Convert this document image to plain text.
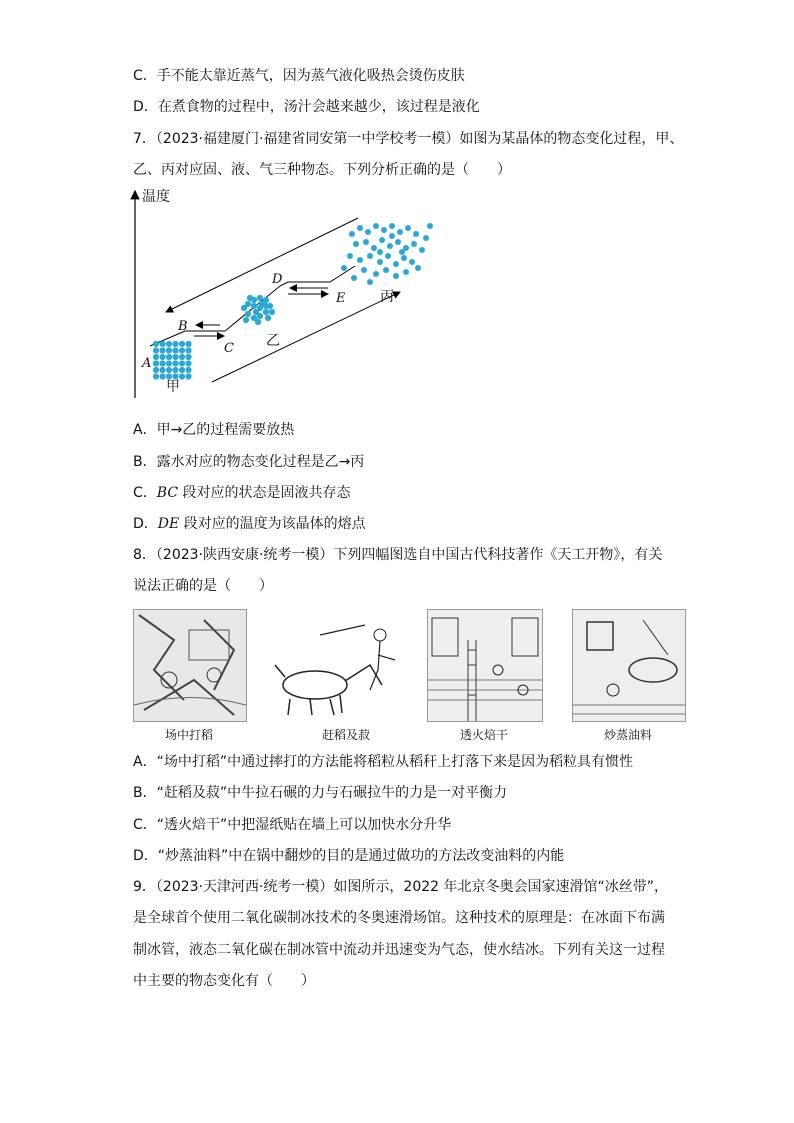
C．手不能太靠近蒸气，因为蒸气液化吸热会烫伤皮肤
D．在煮食物的过程中，汤汁会越来越少，该过程是液化
7．（2023·福建厦门·福建省同安第一中学校考一模）如图为某晶体的物态变化过程，甲、
乙、丙对应固、液、气三种物态。下列分析正确的是（　　）
温度
A
B
C
D
E
甲
乙
丙
A．甲→乙的过程需要放热
B．露水对应的物态变化过程是乙→丙
C．BC 段对应的状态是固液共存态
D．DE 段对应的温度为该晶体的熔点
8．（2023·陕西安康·统考一模）下列四幅图选自中国古代科技著作《天工开物》，有关
说法正确的是（　　）
场中打稻	赶稻及菽	透火焙干	炒蒸油料
A．“场中打稻”中通过摔打的方法能将稻粒从稻秆上打落下来是因为稻粒具有惯性
B．“赶稻及菽”中牛拉石碾的力与石碾拉牛的力是一对平衡力
C．“透火焙干”中把湿纸贴在墙上可以加快水分升华
D．“炒蒸油料”中在锅中翻炒的目的是通过做功的方法改变油料的内能
9．（2023·天津河西·统考一模）如图所示，2022 年北京冬奥会国家速滑馆“冰丝带”，
是全球首个使用二氧化碳制冰技术的冬奥速滑场馆。这种技术的原理是：在冰面下布满
制冰管，液态二氧化碳在制冰管中流动并迅速变为气态，使水结冰。下列有关这一过程
中主要的物态变化有（　　）
